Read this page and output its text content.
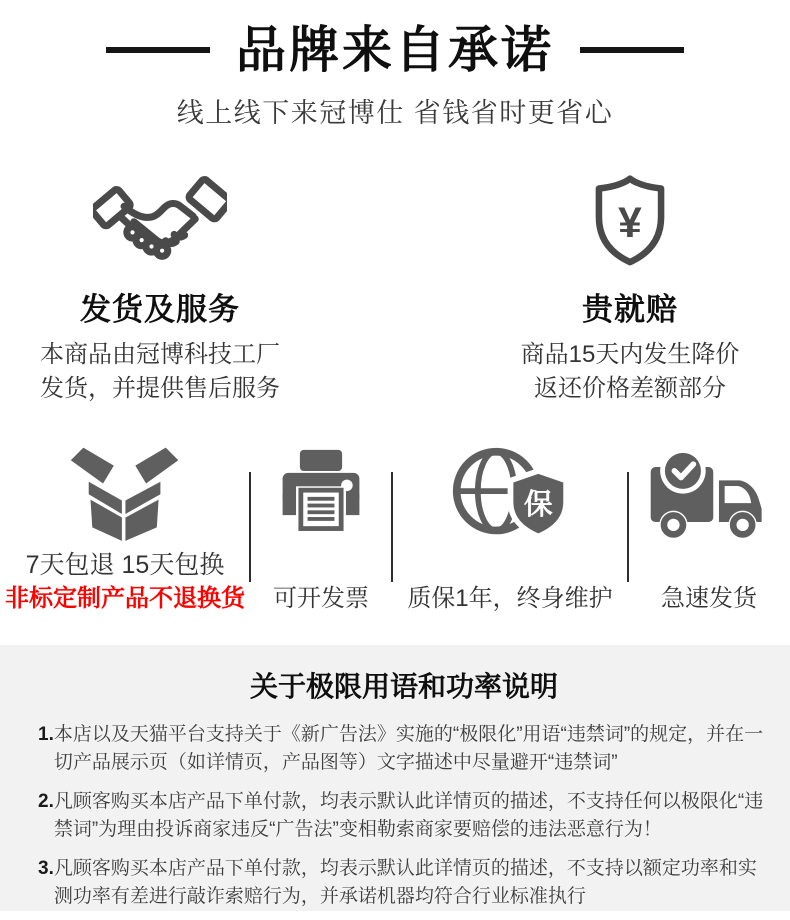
品牌来自承诺
线上线下来冠博仕 省钱省时更省心
发货及服务
本商品由冠博科技工厂
发货，并提供售后服务
¥
贵就赔
商品15天内发生降价
返还价格差额部分
7天包退 15天包换
非标定制产品不退换货 可开发票
保
质保1年，终身维护 急速发货
关于极限用语和功率说明
1. 本店以及天猫平台支持关于《新广告法》实施的“极限化”用语“违禁词”的规定，并在一切产品展示页（如详情页，产品图等）文字描述中尽量避开“违禁词”
2. 凡顾客购买本店产品下单付款，均表示默认此详情页的描述，不支持任何以极限化“违禁词”为理由投诉商家违反“广告法”变相勒索商家要赔偿的违法恶意行为！
3. 凡顾客购买本店产品下单付款，均表示默认此详情页的描述，不支持以额定功率和实测功率有差进行敲诈索赔行为，并承诺机器均符合行业标准执行
